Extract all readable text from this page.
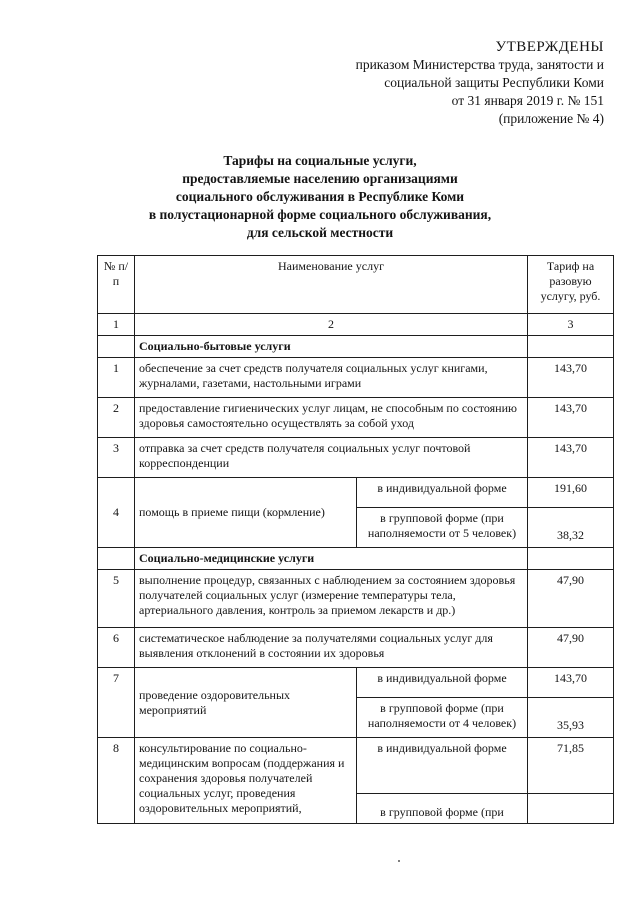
УТВЕРЖДЕНЫ
приказом Министерства труда, занятости и
социальной защиты Республики Коми
от 31 января 2019 г. № 151
(приложение № 4)
Тарифы на социальные услуги,
предоставляемые населению организациями
социального обслуживания в Республике Коми
в полустационарной форме социального обслуживания,
для сельской местности
№ п/п	Наименование услуг		Тариф на разовую услугу, руб.
1	2		3
	Социально-бытовые услуги		
1	обеспечение за счет средств получателя социальных услуг книгами, журналами, газетами, настольными играми		143,70
2	предоставление гигиенических услуг лицам, не способным по состоянию здоровья самостоятельно осуществлять за собой уход		143,70
3	отправка за счет средств получателя социальных услуг почтовой корреспонденции		143,70
4	помощь в приеме пищи (кормление)	в индивидуальной форме	191,60
		в групповой форме (при наполняемости от 5 человек)	38,32
	Социально-медицинские услуги		
5	выполнение процедур, связанных с наблюдением за состоянием здоровья получателей социальных услуг (измерение температуры тела, артериального давления, контроль за приемом лекарств и др.)		47,90
6	систематическое наблюдение за получателями социальных услуг для выявления отклонений в состоянии их здоровья		47,90
7	проведение оздоровительных мероприятий	в индивидуальной форме	143,70
		в групповой форме (при наполняемости от 4 человек)	35,93
8	консультирование по социально-медицинским вопросам (поддержания и сохранения здоровья получателей социальных услуг, проведения оздоровительных мероприятий,	в индивидуальной форме	71,85
		в групповой форме (при	
